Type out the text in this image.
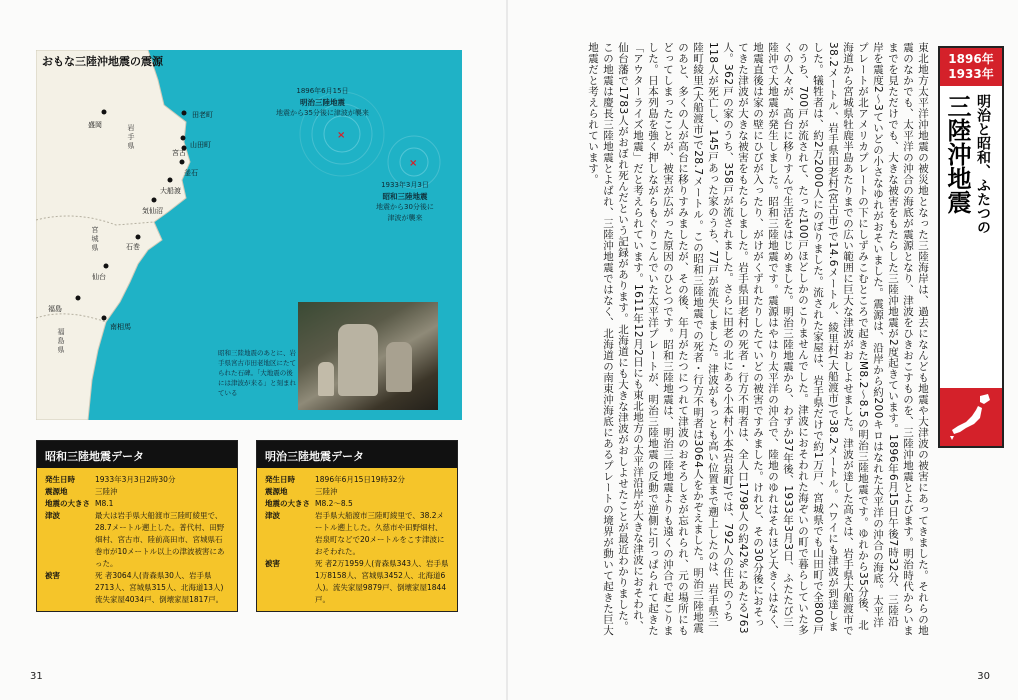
×
×
おもな三陸沖地震の震源
盛岡
宮古
釜石
大船渡
気仙沼
石巻
仙台
福島
南相馬
田老町
山田町
岩手県
宮城県
福島県
1896年6月15日
明治三陸地震
地震から35分後に津波が襲来
1933年3月3日
昭和三陸地震
地震から30分後に
津波が襲来
昭和三陸地震のあとに、岩手県宮古市田老地区にたてられた石碑。「大地震の後には津波が来る」と刻まれている
昭和三陸地震データ
発生日時	1933年3月3日2時30分
震源地	三陸沖
地震の大きさ M8.1
津波	最大は岩手県大船渡市三陸町綾里で、28.7メートル遡上した。普代村、田野畑村、宮古市、陸前高田市、宮城県石巻市が10メートル以上の津波被害にあった。
被害	死 者3064人(青森県30人、岩手県2713人、宮城県315人、北海道13人)流失家屋4034戸、倒壊家屋1817戸。
明治三陸地震データ
発生日時	1896年6月15日19時32分
震源地	三陸沖
地震の大きさ M8.2〜8.5
津波	岩手県大船渡市三陸町綾里で、38.2メートル遡上した。久慈市や田野畑村、岩泉町などで20メートルをこす津波におそわれた。
被害	死 者2万1959人(青森県343人、岩手県1万8158人、宮城県3452人、北海道6人)。流失家屋9879戸、倒壊家屋1844戸。
31
東北地方太平洋沖地震の被災地となった三陸海岸は、過去になんども地震や大津波の被害にあってきました。それらの地震のなかでも、太平洋の沖合の海底が震源となり、津波をひきおこすものを、三陸沖地震とよびます。明治時代からいままでを見ただけでも、大きな被害をもたらした三陸沖地震が2度起きています。1896年6月15日午後7時32分、三陸沿岸を震度2〜3ていどの小さなゆれがおそいました。震源は、沿岸から約200キロはなれた太平洋の沖合の海底。太平洋プレートが北アメリカプレートの下にしずみこむところで起きたM8.2〜8.5の明治三陸地震です。ゆれから35分後、北海道から宮城県牡鹿半島あたりまでの広い範囲に巨大な津波がおしよせました。津波が達した高さは、岩手県大船渡市で38.2メートル、岩手県田老村(宮古市)で14.6メートル、綾里村(大船渡市)で38.2メートル。ハワイにも津波が到達しました。犠牲者は、約2万2000人にのぼりました。流された家屋は、岩手県だけで約1万戸、宮城県でも山田町で全800戸のうち、700戸が流されて、たった100戸ほどしかのこりませんでした。津波におそわれた海ぞいの町で暮らしていた多くの人々が、高台に移りすんで生活をはじめました。明治三陸地震から、わずか37年後、1933年3月3日、ふたたび三陸沖で大地震が発生しました。昭和三陸地震です。震源はやはり太平洋の沖合で、陸地のゆれはそれほど大きくはなく、地震直後は家の壁にひびが入ったり、がけがくずれたりしたていどの被害ですみました。けれど、その30分後におそってきた津波が大きな被害をもたらしました。岩手県田老村の死者・行方不明者は、全人口1798人の約42%にあたる763人。362戸の家のうち、358戸が流されました。さらに田老の北にある小本村小本(岩泉町)では、792人の住民のうち118人が死亡し、145戸あった家のうち、77戸が流失しました。津波がもっとも高い位置まで遡上したのは、岩手県三陸町綾里(大船渡市)で28.7メートル。この昭和三陸地震での死者・行方不明者は3064人をかぞえました。明治三陸地震のあと、多くの人が高台に移りすみましたが、その後、年月がたつにつれて津波のおそろしさが忘れられ、元の場所にもどってしまったことが、被害が広がった原因のひとつです。昭和三陸地震は、明治三陸地震よりも遠くの沖合で起こりました。日本列島を強く押しながらもぐりこんでいた太平洋プレートが、明治三陸地震の反動で逆側に引っぱられて起きた「アウターライズ地震」だと考えられています。1611年12月2日にも東北地方の太平洋沿岸が大きな津波におそわれ、仙台藩で1783人がおぼれ死んだという記録があります。北海道にも大きな津波がおしよせたことが最近わかりました。この地震は慶長三陸地震とよばれ、三陸沖地震ではなく、北海道の南東沖海底にあるプレートの境界が動いて起きた巨大地震だと考えられています。	1896年
1933年
明治と昭和、ふたつの
三陸沖地震
30
